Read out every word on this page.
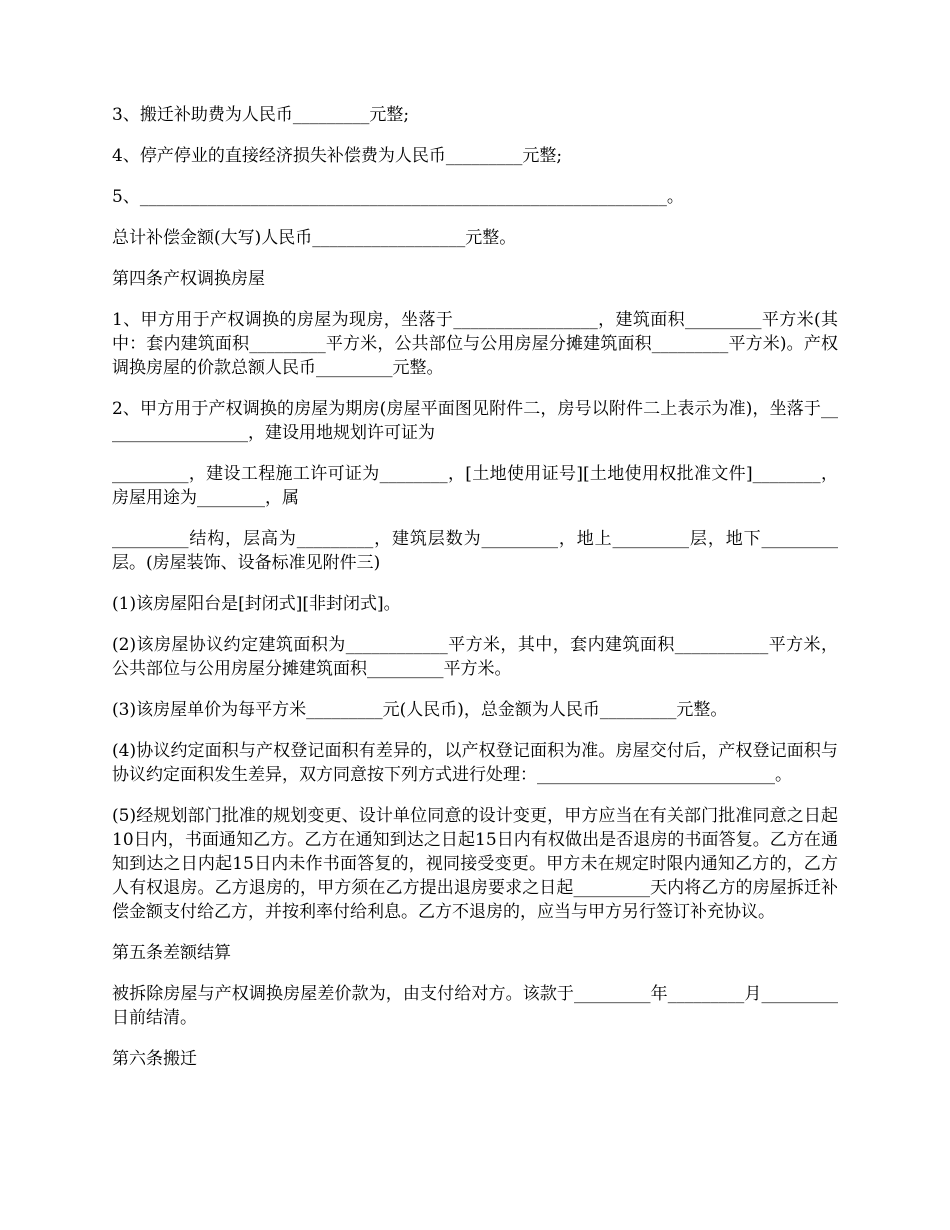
3、搬迁补助费为人民币_________元整;

4、停产停业的直接经济损失补偿费为人民币_________元整;

5、______________________________________________________________。

总计补偿金额(大写)人民币__________________元整。

第四条产权调换房屋

1、甲方用于产权调换的房屋为现房，坐落于_________________，建筑面积_________平方米(其中：套内建筑面积_________平方米，公共部位与公用房屋分摊建筑面积_________平方米)。产权调换房屋的价款总额人民币_________元整。

2、甲方用于产权调换的房屋为期房(房屋平面图见附件二，房号以附件二上表示为准)，坐落于__________________，建设用地规划许可证为

_________，建设工程施工许可证为________，[土地使用证号][土地使用权批准文件]________，房屋用途为________，属

_________结构，层高为_________，建筑层数为_________，地上_________层，地下_________层。(房屋装饰、设备标准见附件三)

(1)该房屋阳台是[封闭式][非封闭式]。

(2)该房屋协议约定建筑面积为____________平方米，其中，套内建筑面积___________平方米，公共部位与公用房屋分摊建筑面积_________平方米。

(3)该房屋单价为每平方米_________元(人民币)，总金额为人民币_________元整。

(4)协议约定面积与产权登记面积有差异的，以产权登记面积为准。房屋交付后，产权登记面积与协议约定面积发生差异，双方同意按下列方式进行处理：____________________________。

(5)经规划部门批准的规划变更、设计单位同意的设计变更，甲方应当在有关部门批准同意之日起10日内，书面通知乙方。乙方在通知到达之日起15日内有权做出是否退房的书面答复。乙方在通知到达之日内起15日内未作书面答复的，视同接受变更。甲方未在规定时限内通知乙方的，乙方人有权退房。乙方退房的，甲方须在乙方提出退房要求之日起_________天内将乙方的房屋拆迁补偿金额支付给乙方，并按利率付给利息。乙方不退房的，应当与甲方另行签订补充协议。

第五条差额结算

被拆除房屋与产权调换房屋差价款为，由支付给对方。该款于_________年_________月_________日前结清。

第六条搬迁
